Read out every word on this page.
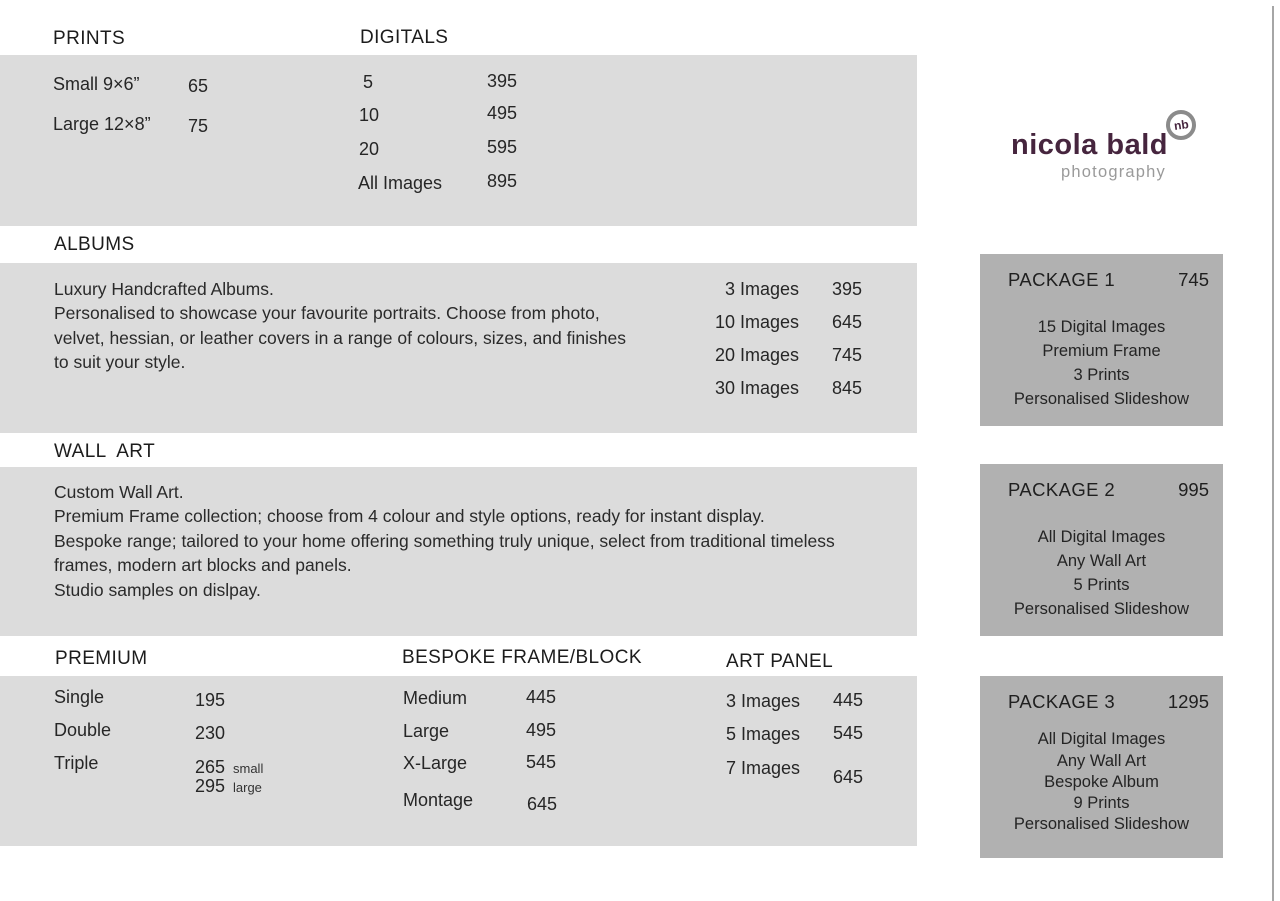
PRINTS
Small 9×6”	65
Large 12×8” 75
DIGITALS
5	395
10	495
20	595
All Images 895
ALBUMS
Luxury Handcrafted Albums.
Personalised to showcase your favourite portraits. Choose from photo,
velvet, hessian, or leather covers in a range of colours, sizes, and finishes
to suit your style.
3 Images 395
10 Images 645
20 Images 745
30 Images 845
WALL  ART
Custom Wall Art.
Premium Frame collection; choose from 4 colour and style options, ready for instant display.
Bespoke range; tailored to your home offering something truly unique, select from traditional timeless
frames, modern art blocks and panels.
Studio samples on dislpay.
PREMIUM
Single	195
Double	230
Triple	265 small
295 large
BESPOKE FRAME/BLOCK
Medium	445
Large	495
X-Large	545
Montage	645
ART PANEL
3 Images 445
5 Images 545
7 Images 645
nicola bald
photography
nb
PACKAGE 1	745
15 Digital Images
Premium Frame
3 Prints
Personalised Slideshow
PACKAGE 2	995
All Digital Images
Any Wall Art
5 Prints
Personalised Slideshow
PACKAGE 3	1295
All Digital Images
Any Wall Art
Bespoke Album
9 Prints
Personalised Slideshow
